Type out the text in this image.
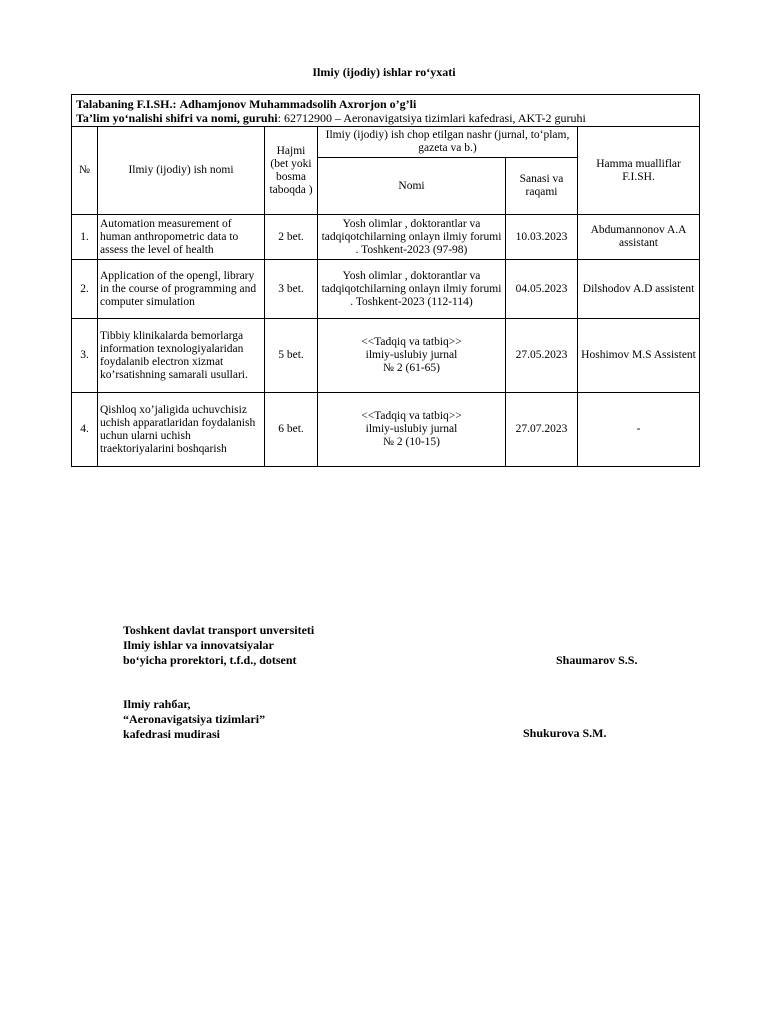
Ilmiy (ijodiy) ishlar ro‘yxati
Talabaning F.I.SH.: Adhamjonov Muhammadsolih Axrorjon o’g’li
Ta’lim yo‘nalishi shifri va nomi, guruhi: 62712900 – Aeronavigatsiya tizimlari kafedrasi, AKT-2 guruhi					

№	Ilmiy (ijodiy) ish nomi	Hajmi (bet yoki bosma taboqda )	Ilmiy (ijodiy) ish chop etilgan nashr (jurnal, to‘plam, gazeta va b.)		Hamma mualliflar F.I.SH.
			Nomi	Sanasi va raqami	
1.	Automation measurement of human anthropometric data to assess the level of health	2 bet.	Yosh olimlar , doktorantlar va tadqiqotchilarning onlayn ilmiy forumi . Toshkent-2023 (97-98)	10.03.2023	Abdumannonov A.A assistant
2.	Application of the opengl, library in the course of programming and computer simulation	3 bet.	Yosh olimlar , doktorantlar va tadqiqotchilarning onlayn ilmiy forumi . Toshkent-2023 (112-114)	04.05.2023	Dilshodov A.D assistent
3.	Tibbiy klinikalarda bemorlarga information texnologiyalaridan foydalanib electron xizmat ko’rsatishning samarali usullari.	5 bet.	<<Tadqiq va tatbiq>>
ilmiy-uslubiy jurnal
№ 2 (61-65)	27.05.2023	Hoshimov M.S Assistent
4.	Qishloq xo’jaligida uchuvchisiz uchish apparatlaridan foydalanish uchun ularni uchish traektoriyalarini boshqarish	6 bet.	<<Tadqiq va tatbiq>>
ilmiy-uslubiy jurnal
№ 2 (10-15)	27.07.2023	-
Toshkent davlat transport unversiteti
Ilmiy ishlar va innovatsiyalar
bo‘yicha prorektori, t.f.d., dotsent	Shaumarov S.S.
Ilmiy rahбar,
“Aeronavigatsiya tizimlari”
kafedrasi mudirasi	Shukurova S.M.
